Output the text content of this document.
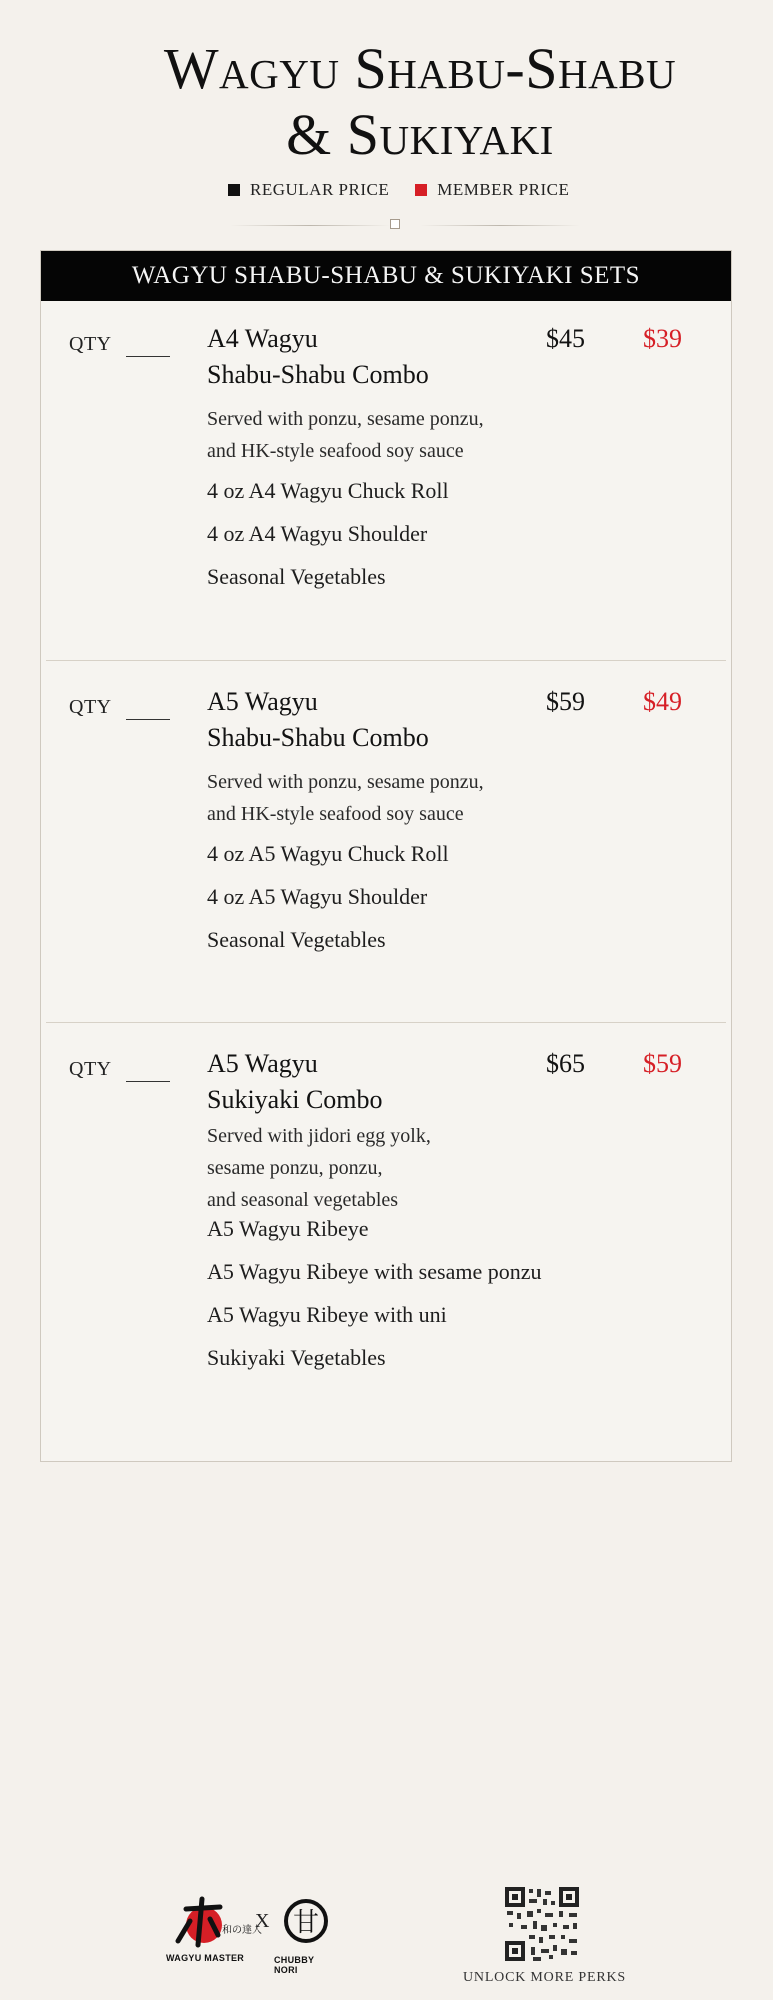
Wagyu Shabu-Shabu
& Sukiyaki
REGULAR PRICE	MEMBER PRICE
WAGYU SHABU-SHABU & SUKIYAKI SETS
QTY	A4 Wagyu
Shabu-Shabu Combo
$45 $39
Served with ponzu, sesame ponzu,
and HK-style seafood soy sauce
4 oz A4 Wagyu Chuck Roll
4 oz A4 Wagyu Shoulder
Seasonal Vegetables
QTY	A5 Wagyu
Shabu-Shabu Combo
$59 $49
Served with ponzu, sesame ponzu,
and HK-style seafood soy sauce
4 oz A5 Wagyu Chuck Roll
4 oz A5 Wagyu Shoulder
Seasonal Vegetables
QTY	A5 Wagyu
Sukiyaki Combo
$65 $59
Served with jidori egg yolk,
sesame ponzu, ponzu,
and seasonal vegetables
A5 Wagyu Ribeye
A5 Wagyu Ribeye with sesame ponzu
A5 Wagyu Ribeye with uni
Sukiyaki Vegetables
和の達人
WAGYU MASTER
X 甘
CHUBBY NORI	UNLOCK MORE PERKS
